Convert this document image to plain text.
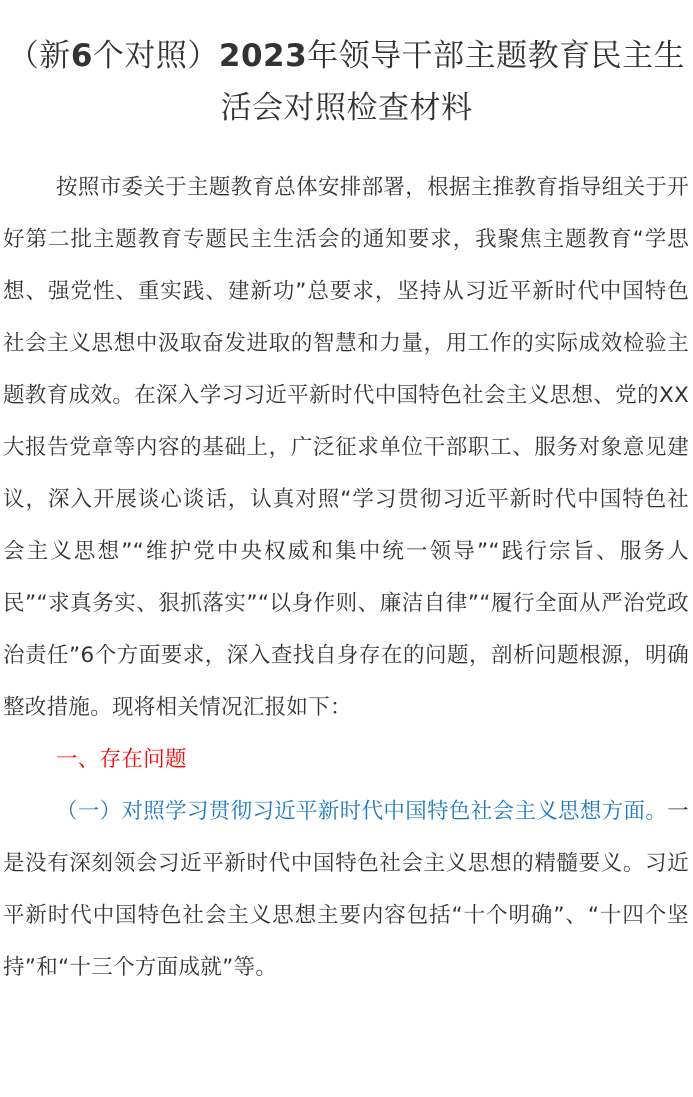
（新6个对照）2023年领导干部主题教育民主生活会对照检查材料

按照市委关于主题教育总体安排部署，根据主推教育指导组关于开好第二批主题教育专题民主生活会的通知要求，我聚焦主题教育“学思想、强党性、重实践、建新功”总要求，坚持从习近平新时代中国特色社会主义思想中汲取奋发进取的智慧和力量，用工作的实际成效检验主题教育成效。在深入学习习近平新时代中国特色社会主义思想、党的XX大报告党章等内容的基础上，广泛征求单位干部职工、服务对象意见建议，深入开展谈心谈话，认真对照“学习贯彻习近平新时代中国特色社会主义思想”“维护党中央权威和集中统一领导”“践行宗旨、服务人民”“求真务实、狠抓落实”“以身作则、廉洁自律”“履行全面从严治党政治责任”6个方面要求，深入查找自身存在的问题，剖析问题根源，明确整改措施。现将相关情况汇报如下：

一、存在问题

（一）对照学习贯彻习近平新时代中国特色社会主义思想方面。一是没有深刻领会习近平新时代中国特色社会主义思想的精髓要义。习近平新时代中国特色社会主义思想主要内容包括“十个明确”、“十四个坚持”和“十三个方面成就”等。
